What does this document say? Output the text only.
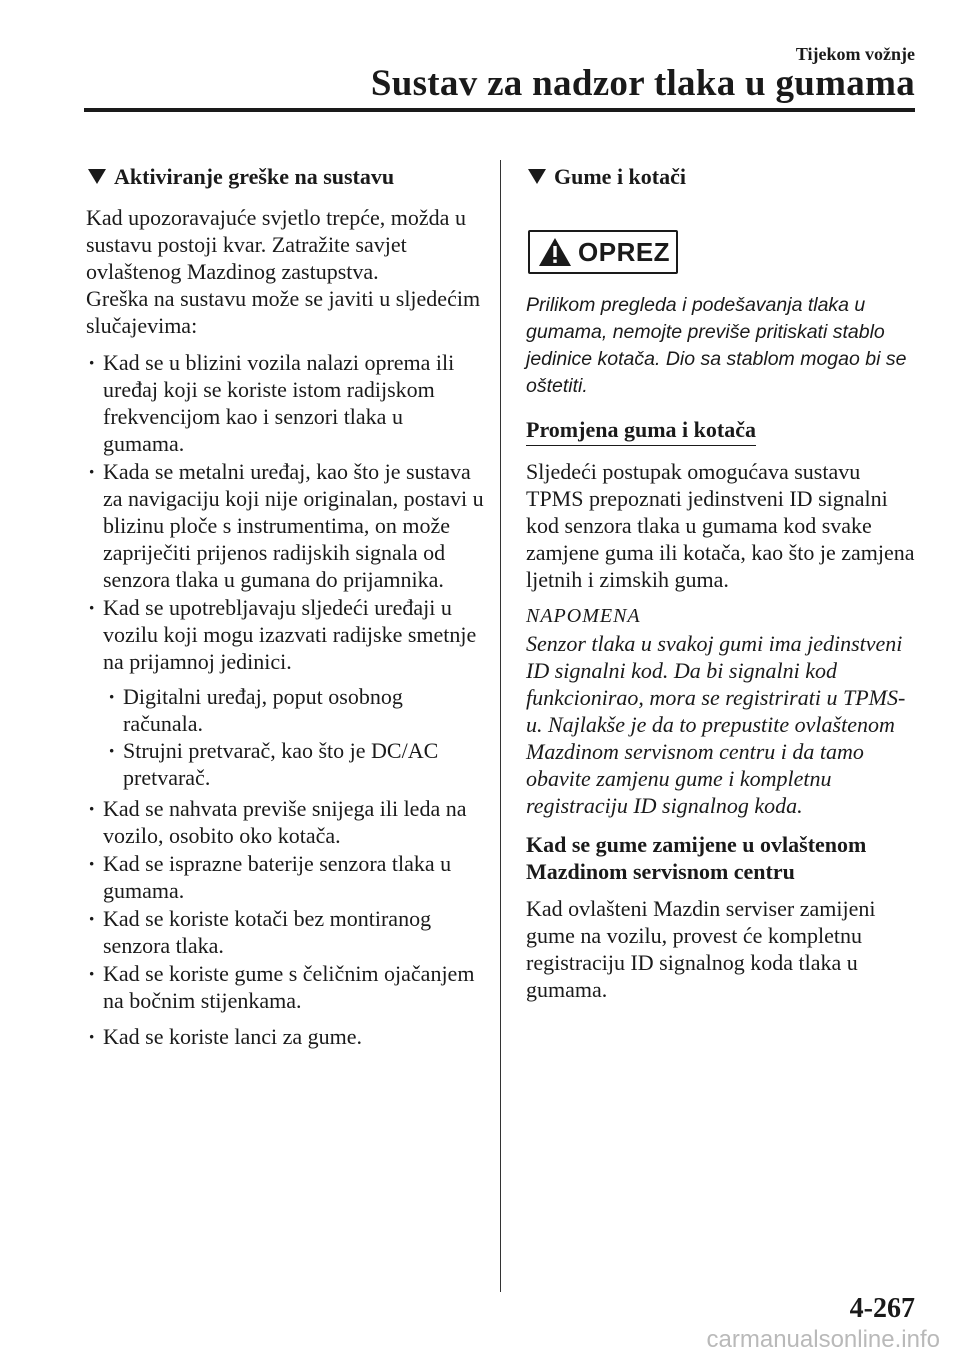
Tijekom vožnje
Sustav za nadzor tlaka u gumama
Aktiviranje greške na sustavu

Kad upozoravajuće svjetlo trepće, možda u sustavu postoji kvar. Zatražite savjet ovlaštenog Mazdinog zastupstva.

Greška na sustavu može se javiti u sljedećim slučajevima:

· Kad se u blizini vozila nalazi oprema ili uređaj koji se koriste istom radijskom frekvencijom kao i senzori tlaka u gumama.
· Kada se metalni uređaj, kao što je sustava za navigaciju koji nije originalan, postavi u blizinu ploče s instrumentima, on može zapriječiti prijenos radijskih signala od senzora tlaka u gumana do prijamnika.
· Kad se upotrebljavaju sljedeći uređaji u vozilu koji mogu izazvati radijske smetnje na prijamnoj jedinici.
· Digitalni uređaj, poput osobnog računala.
· Strujni pretvarač, kao što je DC/AC pretvarač.
· Kad se nahvata previše snijega ili leda na vozilo, osobito oko kotača.
· Kad se isprazne baterije senzora tlaka u gumama.
· Kad se koriste kotači bez montiranog senzora tlaka.
· Kad se koriste gume s čeličnim ojačanjem na bočnim stijenkama.
· Kad se koriste lanci za gume.
Gume i kotači
OPREZ

Prilikom pregleda i podešavanja tlaka u gumama, nemojte previše pritiskati stablo jedinice kotača. Dio sa stablom mogao bi se oštetiti.

Promjena guma i kotača

Sljedeći postupak omogućava sustavu TPMS prepoznati jedinstveni ID signalni kod senzora tlaka u gumama kod svake zamjene guma ili kotača, kao što je zamjena ljetnih i zimskih guma.

NAPOMENA

Senzor tlaka u svakoj gumi ima jedinstveni ID signalni kod. Da bi signalni kod funkcionirao, mora se registrirati u TPMS-u. Najlakše je da to prepustite ovlaštenom Mazdinom servisnom centru i da tamo obavite zamjenu gume i kompletnu registraciju ID signalnog koda.

Kad se gume zamijene u ovlaštenom Mazdinom servisnom centru

Kad ovlašteni Mazdin serviser zamijeni gume na vozilu, provest će kompletnu registraciju ID signalnog koda tlaka u gumama.

4-267
carmanualsonline.info
